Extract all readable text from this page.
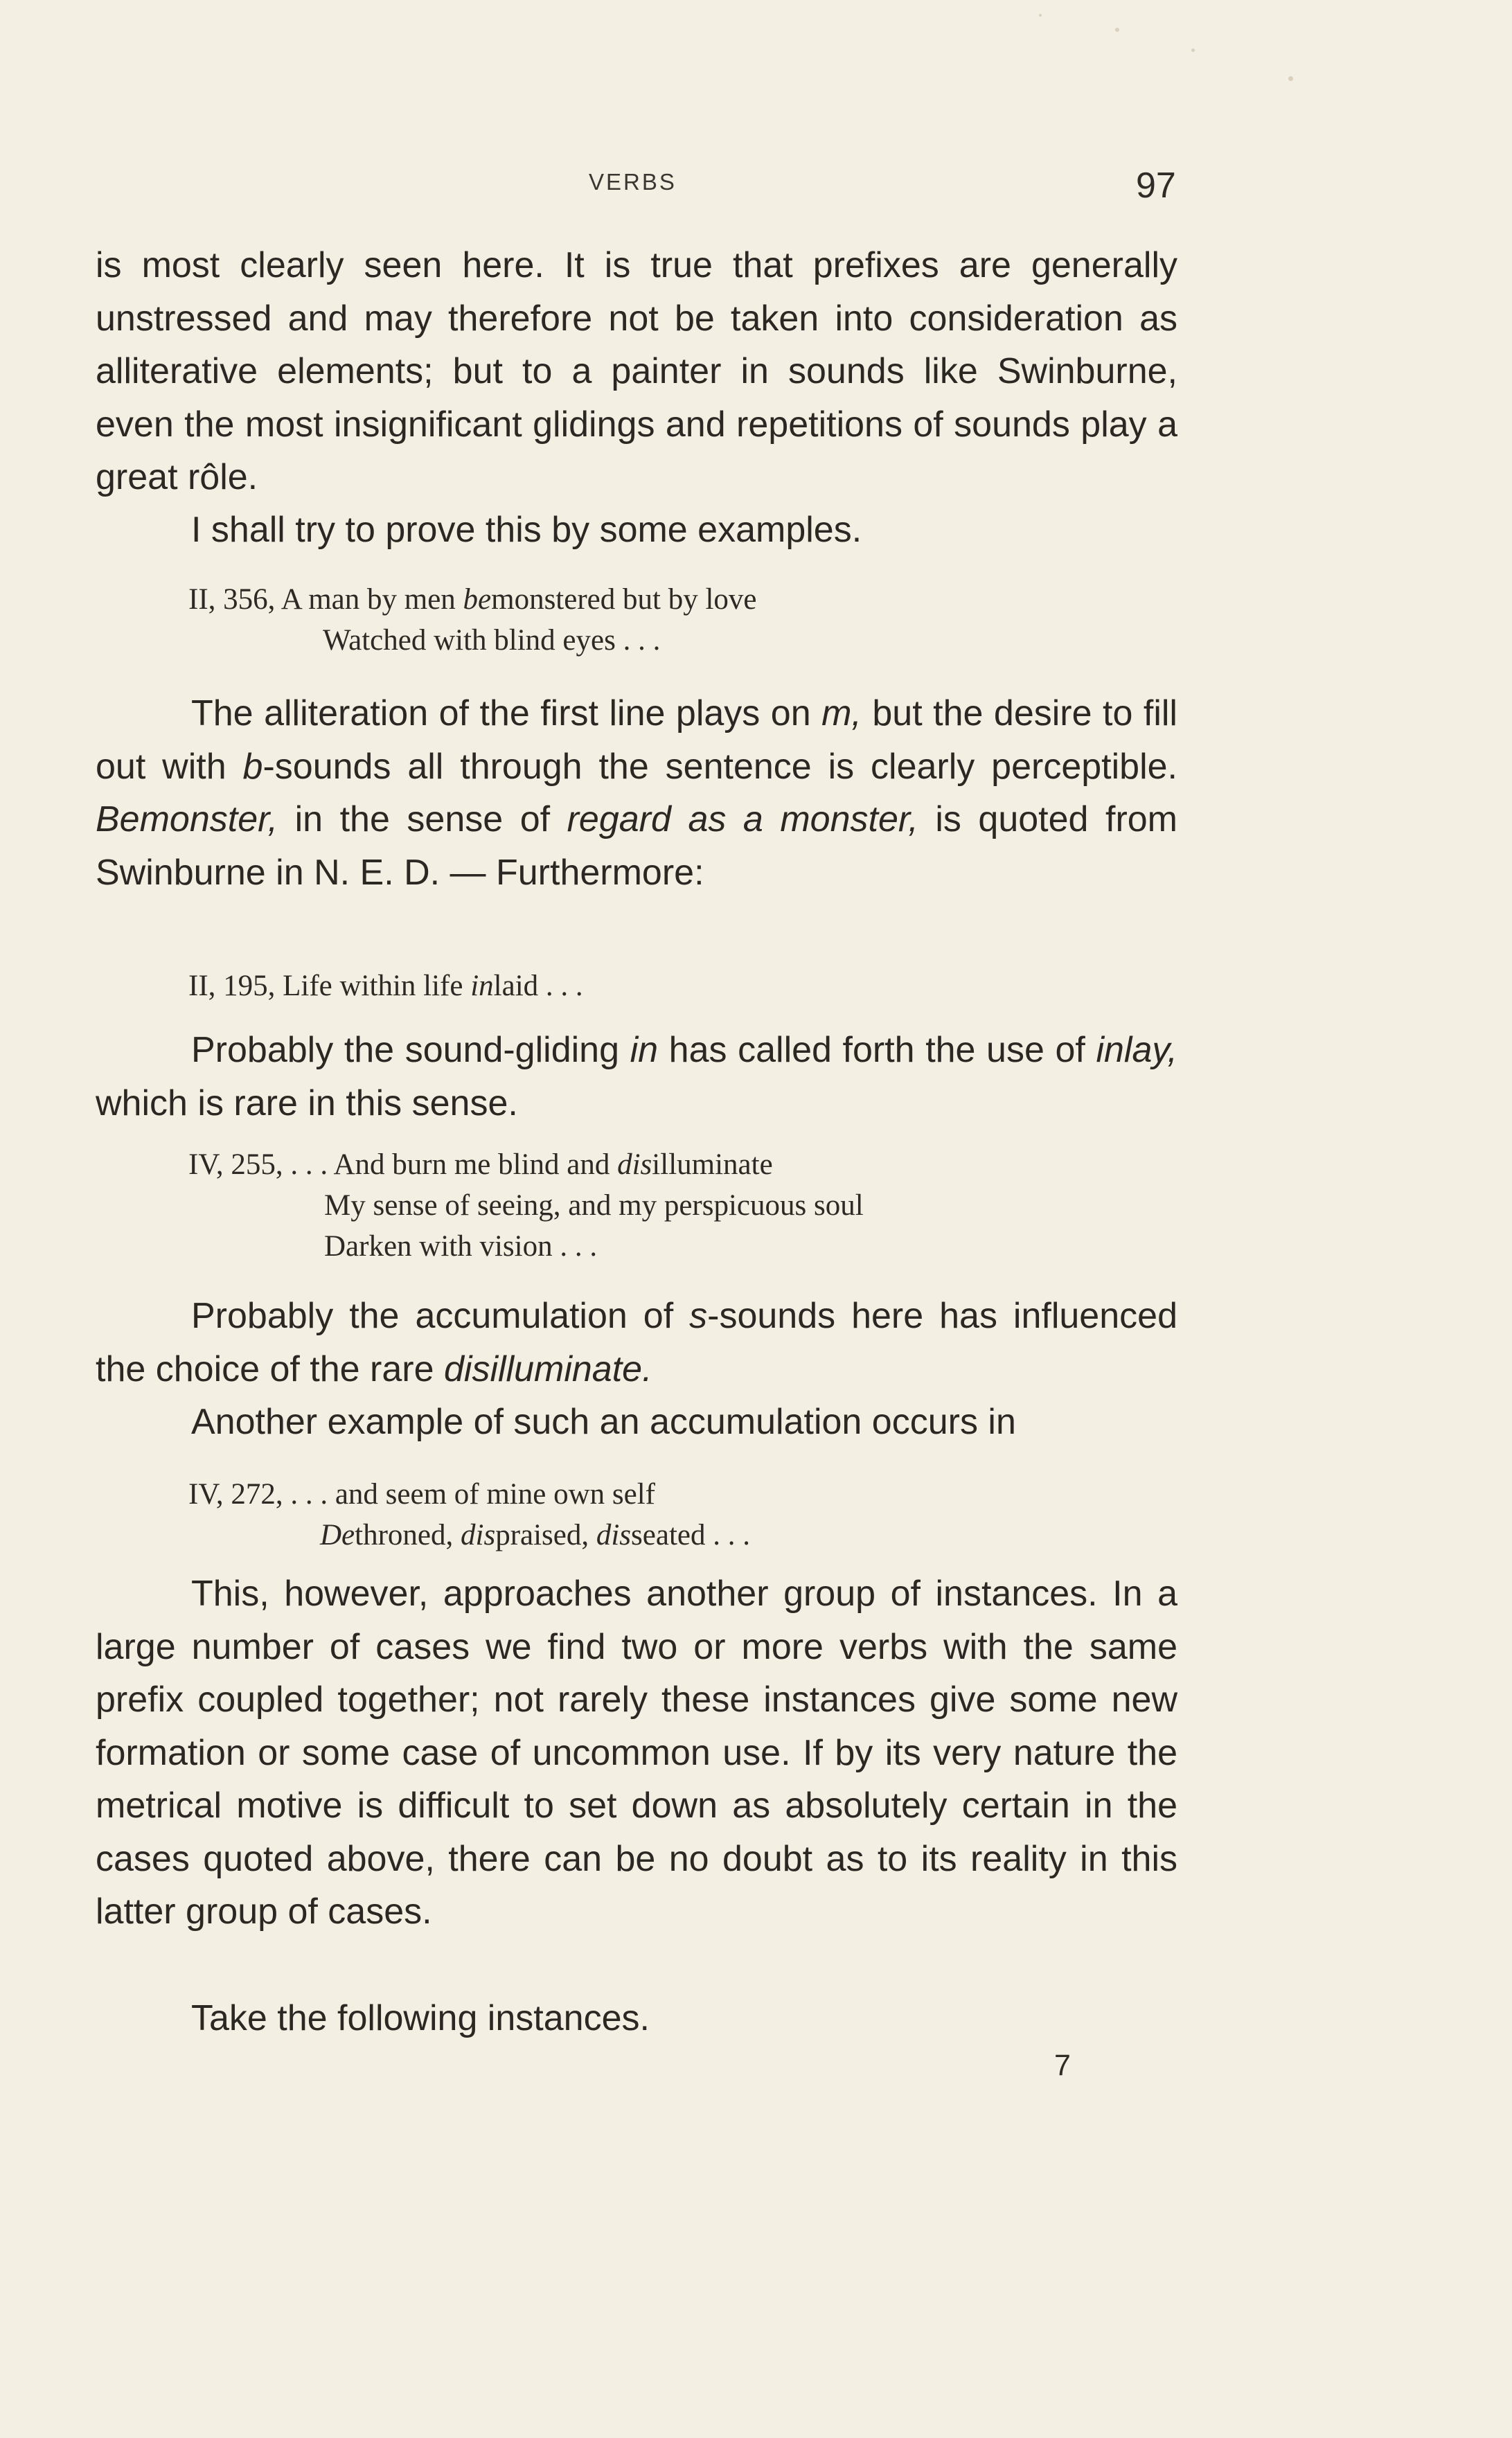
VERBS	97

is most clearly seen here. It is true that prefixes are generally unstressed and may therefore not be taken into consideration as alliterative elements; but to a painter in sounds like Swinburne, even the most insignificant glidings and repetitions of sounds play a great rôle.

I shall try to prove this by some examples.

II, 356, A man by men bemonstered but by love
Watched with blind eyes . . .

The alliteration of the first line plays on m, but the desire to fill out with b-sounds all through the sentence is clearly perceptible. Bemonster, in the sense of regard as a monster, is quoted from Swinburne in N. E. D. — Furthermore:

II, 195, Life within life inlaid . . .

Probably the sound-gliding in has called forth the use of inlay, which is rare in this sense.

IV, 255, . . . And burn me blind and disilluminate
My sense of seeing, and my perspicuous soul
Darken with vision . . .

Probably the accumulation of s-sounds here has influenced the choice of the rare disilluminate.

Another example of such an accumulation occurs in

IV, 272, . . . and seem of mine own self
Dethroned, dispraised, disseated . . .

This, however, approaches another group of instances. In a large number of cases we find two or more verbs with the same prefix coupled together; not rarely these instances give some new formation or some case of uncommon use. If by its very nature the metrical motive is difficult to set down as absolutely certain in the cases quoted above, there can be no doubt as to its reality in this latter group of cases.

Take the following instances.

7
